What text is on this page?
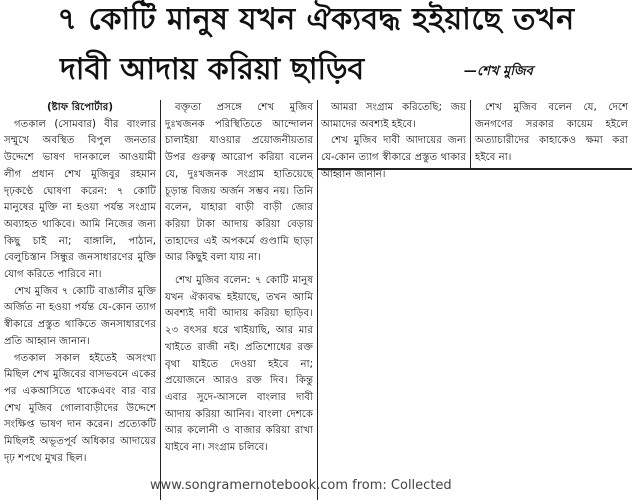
৭ কোটি মানুষ যখন ঐক্যবদ্ধ হইয়াছে তখন
দাবী আদায় করিয়া ছাড়িব	—শেখ মুজিব

(ষ্টাফ রিপোর্টার)

গতকাল (সোমবার) বীর বাংলার সম্মুখে অবস্থিত বিপুল জনতার উদ্দেশে ভাষণ দানকালে আওয়ামী লীগ প্রধান শেখ মুজিবুর রহমান দৃঢ়কণ্ঠে ঘোষণা করেন: ৭ কোটি মানুষের মুক্তি না হওয়া পর্যন্ত সংগ্রাম অব্যাহত থাকিবে। আমি নিজের জন্য কিছু চাই না; বাঙ্গালি, পাঠান, বেলুচিস্তান সিন্ধুর জনসাধারণের মুক্তি যোগ করিতে পারিবে না।

শেখ মুজিব ৭ কোটি বাঙালীর মুক্তি অর্জিত না হওয়া পর্যন্ত যে-কোন ত্যাগ স্বীকারে প্রস্তুত থাকিতে জনসাধারণের প্রতি আহ্বান জানান।

গতকাল সকাল হইতেই অসংখ্য মিছিল শেখ মুজিবের বাসভবনে একের পর একআসিতে থাকেএবং বার বার শেখ মুজিব গোলাবাড়ীদের উদ্দেশে সংক্ষিপ্ত ভাষণ দান করেন। প্রত্যেকটি মিছিলই অভূতপূর্ব অধিকার আদায়ের দৃঢ় শপথে মুখর ছিল।

বক্তৃতা প্রসঙ্গে শেখ মুজিব দুঃখজনক পরিস্থিতিতে আন্দোলন চালাইয়া যাওয়ার প্রয়োজনীয়তার উপর গুরুত্ব আরোপ করিয়া বলেন যে, দুঃখজনক সংগ্রাম হাতিয়েছে চূড়ান্ত বিজয় অর্জন সম্ভব নয়। তিনি বলেন, যাহারা বাড়ী বাড়ী জোর করিয়া টাকা আদায় করিয়া বেড়ায় তাহাদের এই অপকর্মে গুণ্ডামি ছাড়া আর কিছুই বলা যায় না।

শেখ মুজিব বলেন: ৭ কোটি মানুষ যখন ঐক্যবদ্ধ হইয়াছে, তখন আমি অবশ্যই দাবী আদায় করিয়া ছাড়িব। ২৩ বৎসর ধরে খাইয়াছি, আর মার খাইতে রাজী নই। প্রতিশোধের রক্ত বৃথা যাইতে দেওয়া হইবে না; প্রয়োজনে আরও রক্ত দিব। কিন্তু এবার সুদে-আসলে বাংলার দাবী আদায় করিয়া আনিব। বাংলা দেশকে আর কলোনী ও বাজার করিয়া রাখা যাইবে না। সংগ্রাম চলিবে।

আমরা সংগ্রাম করিতেছি; জয় আমাদের অবশ্যই হইবে।

শেখ মুজিব দাবী আদায়ের জন্য যে-কোন ত্যাগ স্বীকারে প্রস্তুত থাকার আহ্বান জানান।

শেখ মুজিব বলেন যে, দেশে জনগণের সরকার কায়েম হইলে অত্যাচারীদের কাহাকেও ক্ষমা করা হইবে না।

www.songramernotebook.com from: Collected
